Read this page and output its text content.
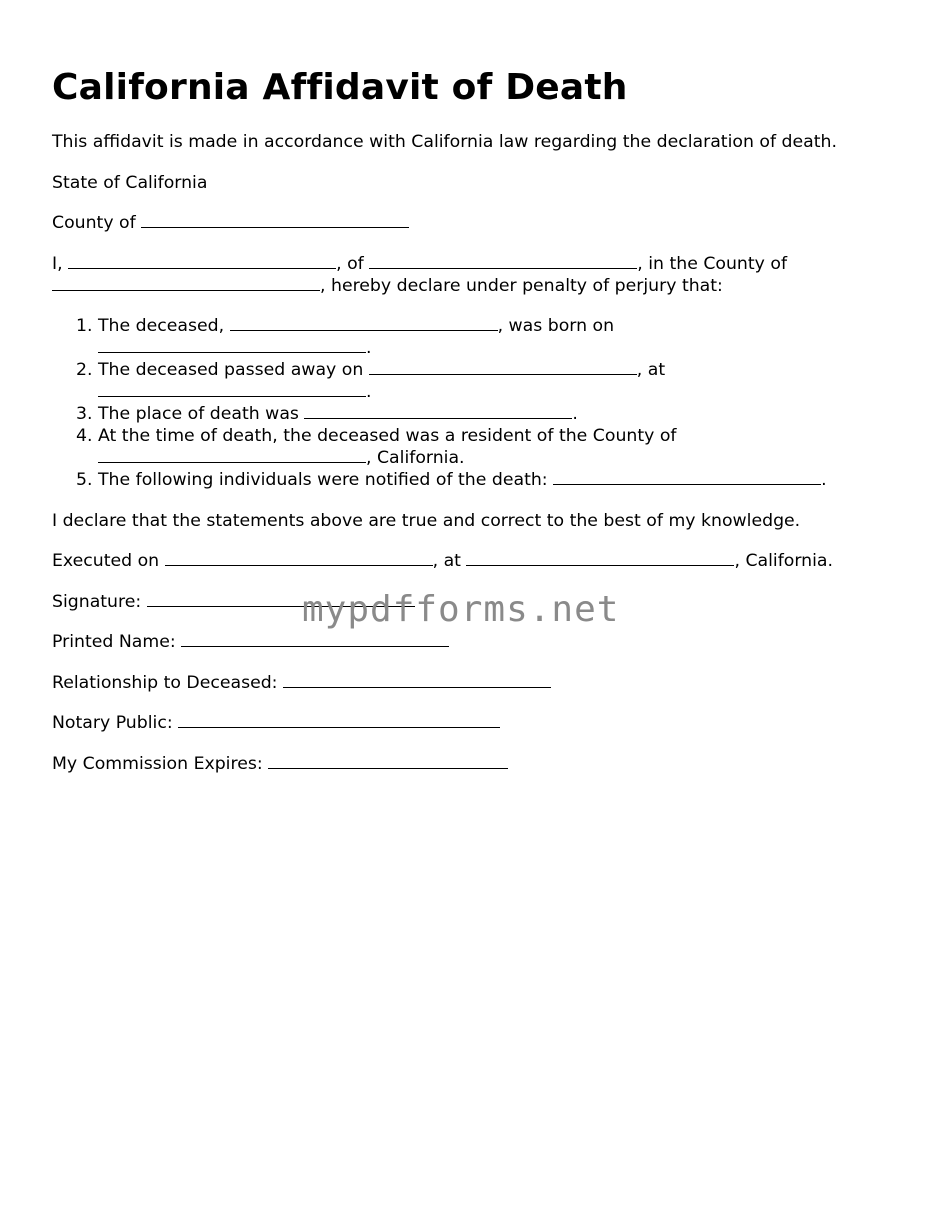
California Affidavit of Death

This affidavit is made in accordance with California law regarding the declaration of death.

State of California

County of

I,	, of	, in the County of
, hereby declare under penalty of perjury that:

1. The deceased,	, was born on
.
2. The deceased passed away on	, at
.
3. The place of death was	.
4. At the time of death, the deceased was a resident of the County of
, California.
5. The following individuals were notified of the death:	.

I declare that the statements above are true and correct to the best of my knowledge.

Executed on	, at	, California.

Signature:

Printed Name:

Relationship to Deceased:

Notary Public:

My Commission Expires:

mypdfforms.net
